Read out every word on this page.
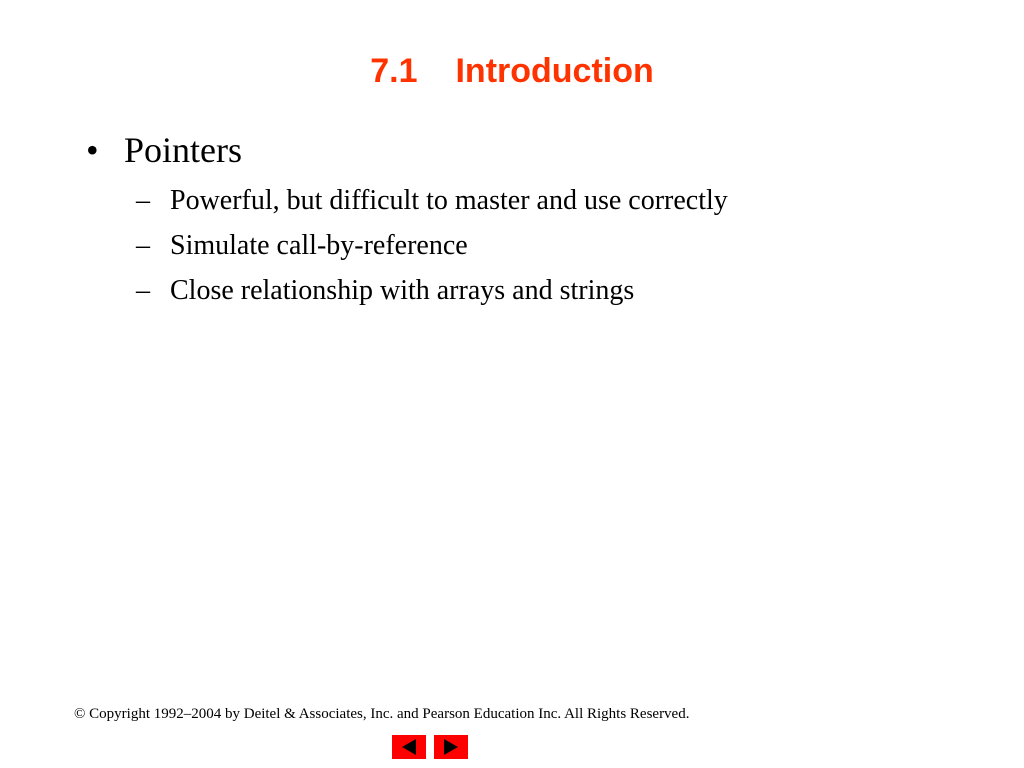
7.1 Introduction
• Pointers
– Powerful, but difficult to master and use correctly
– Simulate call-by-reference
– Close relationship with arrays and strings
© Copyright 1992–2004 by Deitel & Associates, Inc. and Pearson Education Inc. All Rights Reserved.
